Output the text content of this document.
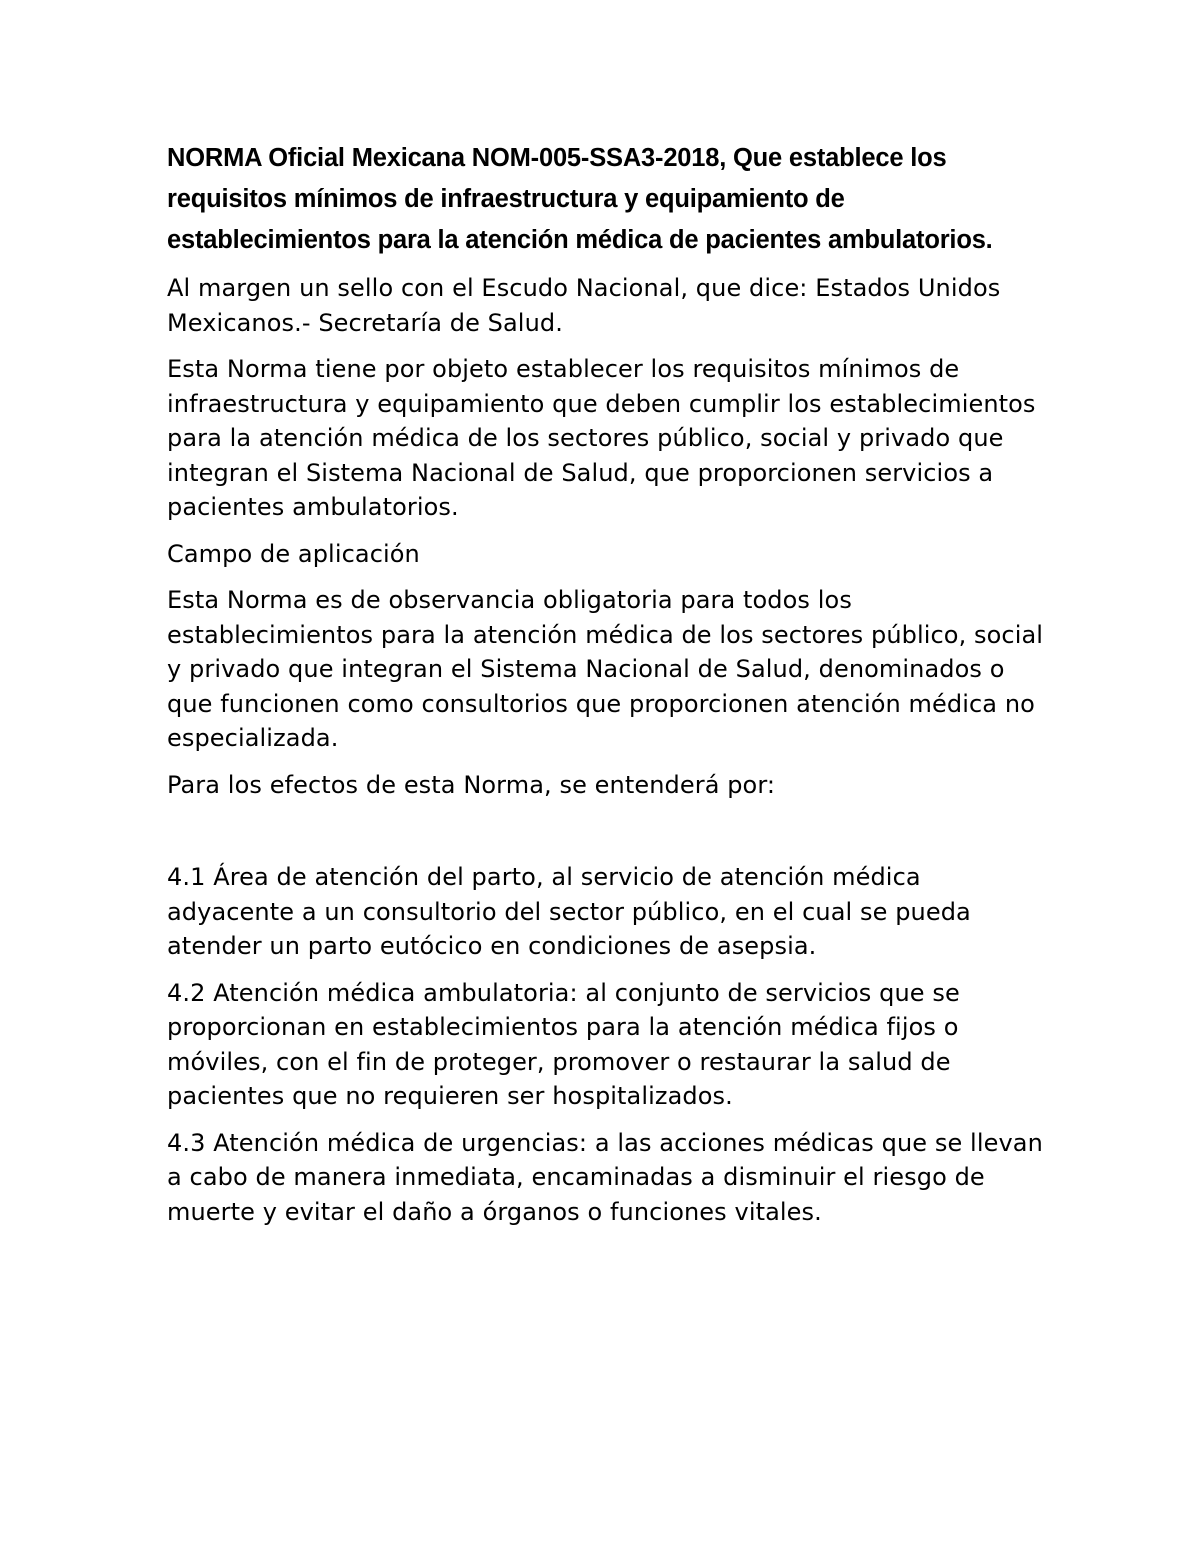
NORMA Oficial Mexicana NOM-005-SSA3-2018, Que establece los requisitos mínimos de infraestructura y equipamiento de establecimientos para la atención médica de pacientes ambulatorios.

Al margen un sello con el Escudo Nacional, que dice: Estados Unidos Mexicanos.- Secretaría de Salud.

Esta Norma tiene por objeto establecer los requisitos mínimos de infraestructura y equipamiento que deben cumplir los establecimientos para la atención médica de los sectores público, social y privado que integran el Sistema Nacional de Salud, que proporcionen servicios a pacientes ambulatorios.

Campo de aplicación

Esta Norma es de observancia obligatoria para todos los establecimientos para la atención médica de los sectores público, social y privado que integran el Sistema Nacional de Salud, denominados o que funcionen como consultorios que proporcionen atención médica no especializada.

Para los efectos de esta Norma, se entenderá por:

4.1 Área de atención del parto, al servicio de atención médica adyacente a un consultorio del sector público, en el cual se pueda atender un parto eutócico en condiciones de asepsia.

4.2 Atención médica ambulatoria: al conjunto de servicios que se proporcionan en establecimientos para la atención médica fijos o móviles, con el fin de proteger, promover o restaurar la salud de pacientes que no requieren ser hospitalizados.

4.3 Atención médica de urgencias: a las acciones médicas que se llevan a cabo de manera inmediata, encaminadas a disminuir el riesgo de muerte y evitar el daño a órganos o funciones vitales.
